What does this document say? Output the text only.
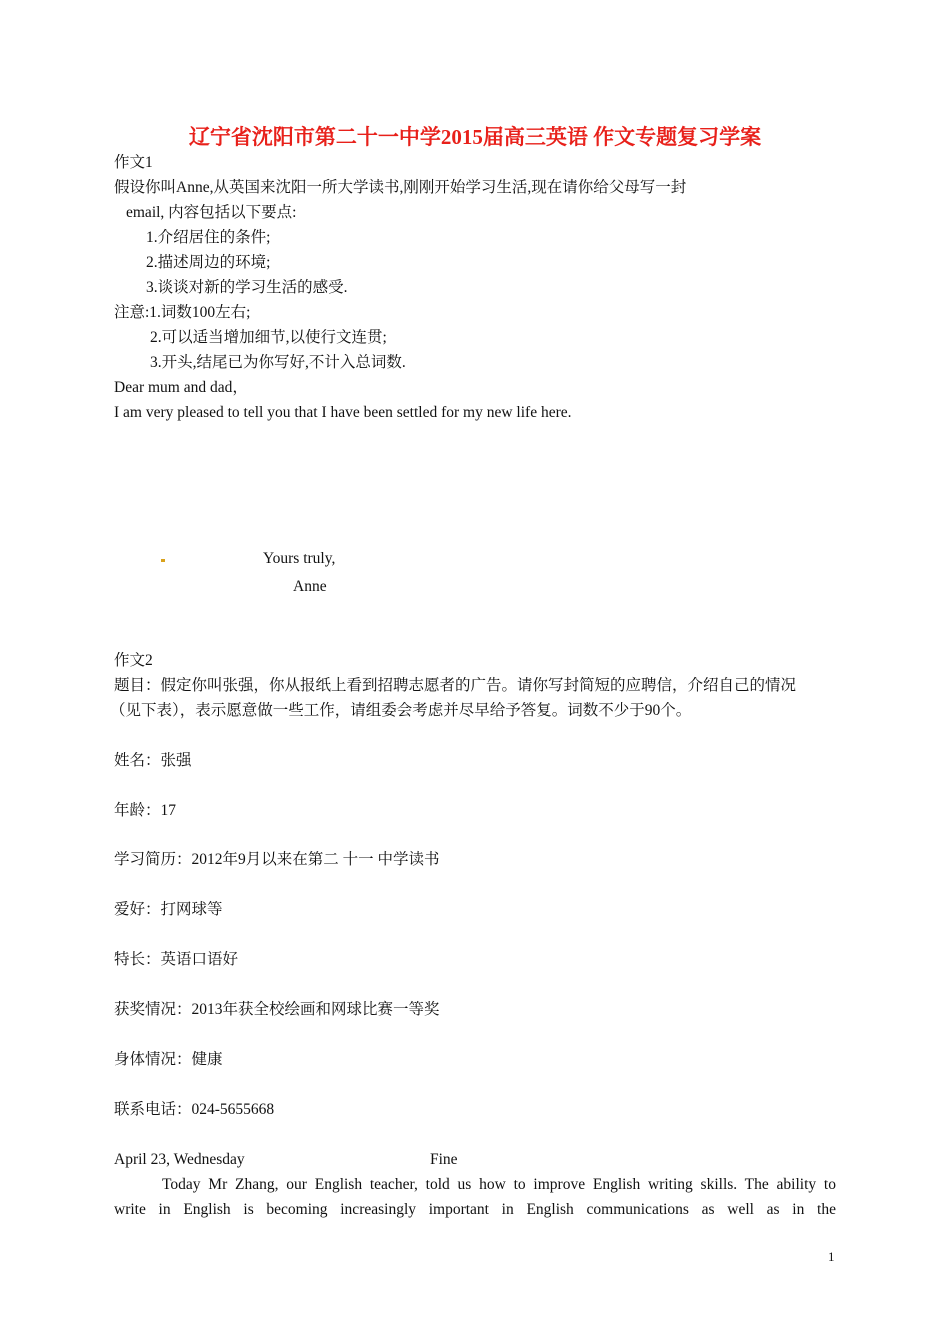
辽宁省沈阳市第二十一中学2015届高三英语 作文专题复习学案
作文1
假设你叫Anne,从英国来沈阳一所大学读书,刚刚开始学习生活,现在请你给父母写一封
email, 内容包括以下要点:
1.介绍居住的条件;
2.描述周边的环境;
3.谈谈对新的学习生活的感受.
注意:1.词数100左右;
2.可以适当增加细节,以使行文连贯;
3.开头,结尾已为你写好,不计入总词数.
Dear mum and dad，
I am very pleased to tell you that I have been settled for my new life here.
Yours truly,
Anne
作文2
题目：假定你叫张强，你从报纸上看到招聘志愿者的广告。请你写封简短的应聘信，介绍自己的情况
（见下表），表示愿意做一些工作，请组委会考虑并尽早给予答复。词数不少于90个。
姓名：张强
年龄：17
学习简历：2012年9月以来在第二 十一 中学读书
爱好：打网球等
特长：英语口语好
获奖情况：2013年获全校绘画和网球比赛一等奖
身体情况：健康
联系电话：024-5655668
April 23, Wednesday	Fine
Today Mr Zhang, our English teacher, told us how to improve English writing skills. The ability to
write in English is becoming increasingly important in English communications as well as in the
1
